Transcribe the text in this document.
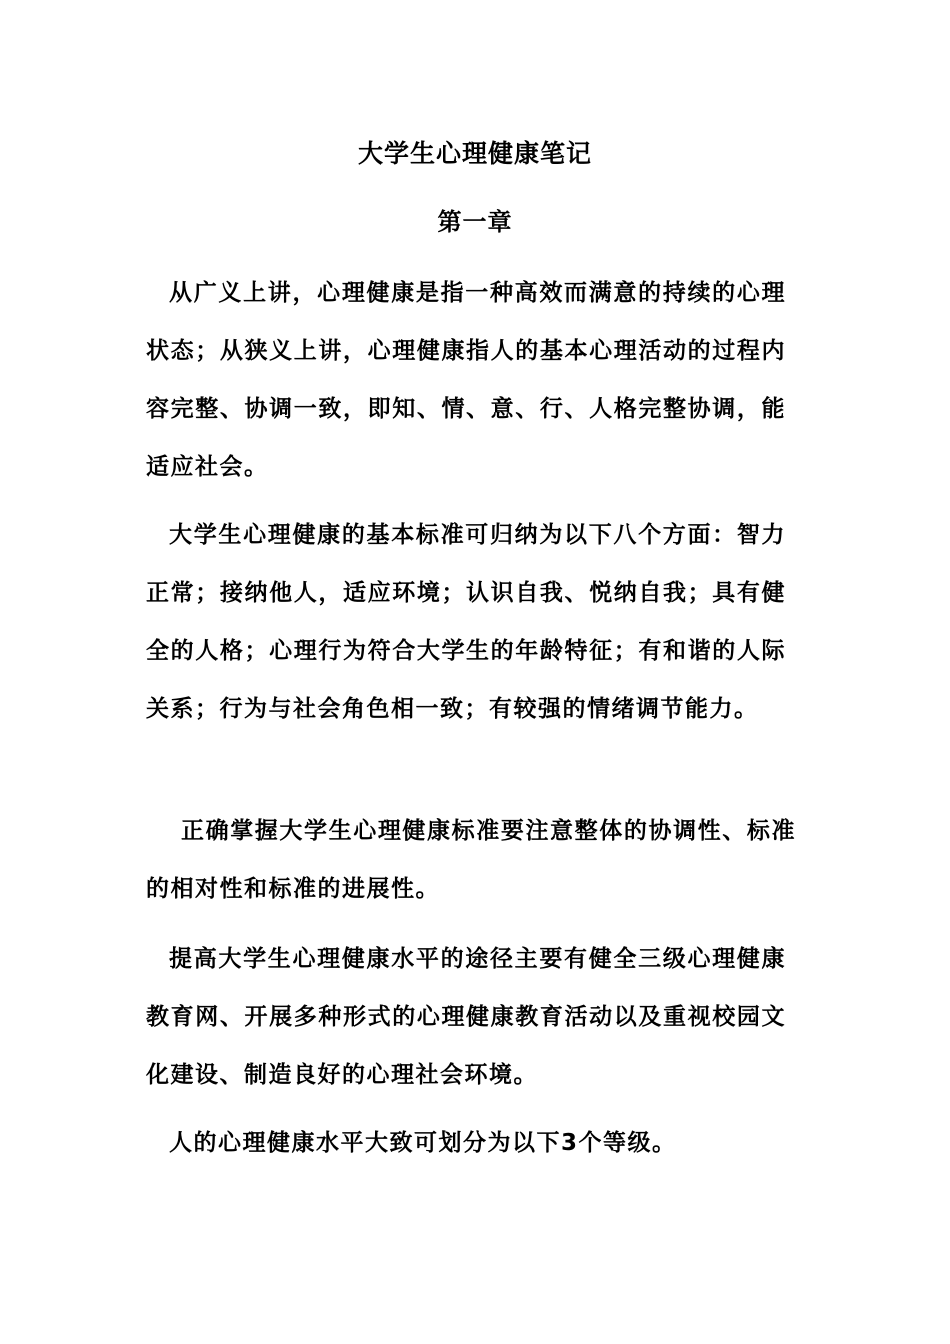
大学生心理健康笔记
第一章

从广义上讲，心理健康是指一种高效而满意的持续的心理状态；从狭义上讲，心理健康指人的基本心理活动的过程内容完整、协调一致，即知、情、意、行、人格完整协调，能适应社会。

大学生心理健康的基本标准可归纳为以下八个方面：智力正常；接纳他人，适应环境；认识自我、悦纳自我；具有健全的人格；心理行为符合大学生的年龄特征；有和谐的人际关系；行为与社会角色相一致；有较强的情绪调节能力。

正确掌握大学生心理健康标准要注意整体的协调性、标准的相对性和标准的进展性。

提高大学生心理健康水平的途径主要有健全三级心理健康教育网、开展多种形式的心理健康教育活动以及重视校园文化建设、制造良好的心理社会环境。

人的心理健康水平大致可划分为以下3个等级。
